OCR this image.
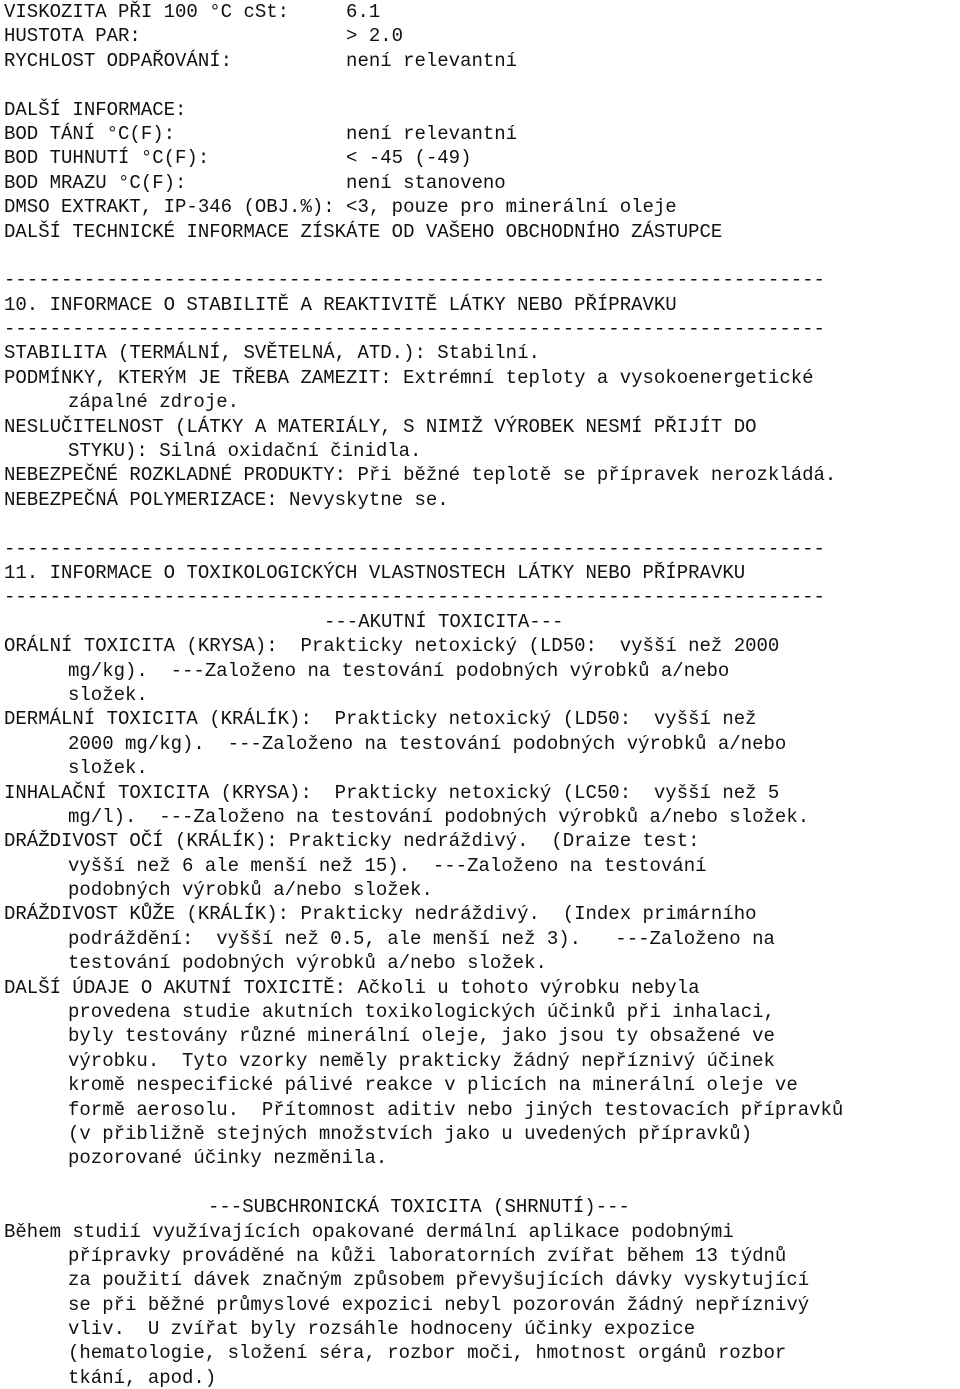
VISKOZITA PŘI 100 °C cSt:     6.1
HUSTOTA PAR:                  > 2.0
RYCHLOST ODPAŘOVÁNÍ:          není relevantní
DALŠÍ INFORMACE:
BOD TÁNÍ °C(F):               není relevantní
BOD TUHNUTÍ °C(F):            < -45 (-49)
BOD MRAZU °C(F):              není stanoveno
DMSO EXTRAKT, IP-346 (OBJ.%): <3, pouze pro minerální oleje
DALŠÍ TECHNICKÉ INFORMACE ZÍSKÁTE OD VAŠEHO OBCHODNÍHO ZÁSTUPCE
------------------------------------------------------------------------
10. INFORMACE O STABILITĚ A REAKTIVITĚ LÁTKY NEBO PŘÍPRAVKU
------------------------------------------------------------------------
STABILITA (TERMÁLNÍ, SVĚTELNÁ, ATD.): Stabilní.
PODMÍNKY, KTERÝM JE TŘEBA ZAMEZIT: Extrémní teploty a vysokoenergetické
zápalné zdroje.
NESLUČITELNOST (LÁTKY A MATERIÁLY, S NIMIŽ VÝROBEK NESMÍ PŘIJÍT DO
STYKU): Silná oxidační činidla.
NEBEZPEČNÉ ROZKLADNÉ PRODUKTY: Při běžné teplotě se přípravek nerozkládá.
NEBEZPEČNÁ POLYMERIZACE: Nevyskytne se.
------------------------------------------------------------------------
11. INFORMACE O TOXIKOLOGICKÝCH VLASTNOSTECH LÁTKY NEBO PŘÍPRAVKU
------------------------------------------------------------------------
---AKUTNÍ TOXICITA---
ORÁLNÍ TOXICITA (KRYSA):  Prakticky netoxický (LD50:  vyšší než 2000
mg/kg).  ---Založeno na testování podobných výrobků a/nebo
složek.
DERMÁLNÍ TOXICITA (KRÁLÍK):  Prakticky netoxický (LD50:  vyšší než
2000 mg/kg).  ---Založeno na testování podobných výrobků a/nebo
složek.
INHALAČNÍ TOXICITA (KRYSA):  Prakticky netoxický (LC50:  vyšší než 5
mg/l).  ---Založeno na testování podobných výrobků a/nebo složek.
DRÁŽDIVOST OČÍ (KRÁLÍK): Prakticky nedráždivý.  (Draize test:
vyšší než 6 ale menší než 15).  ---Založeno na testování
podobných výrobků a/nebo složek.
DRÁŽDIVOST KŮŽE (KRÁLÍK): Prakticky nedráždivý.  (Index primárního
podráždění:  vyšší než 0.5, ale menší než 3).   ---Založeno na
testování podobných výrobků a/nebo složek.
DALŠÍ ÚDAJE O AKUTNÍ TOXICITĚ: Ačkoli u tohoto výrobku nebyla
provedena studie akutních toxikologických účinků při inhalaci,
byly testovány různé minerální oleje, jako jsou ty obsažené ve
výrobku.  Tyto vzorky neměly prakticky žádný nepříznivý účinek
kromě nespecifické pálivé reakce v plicích na minerální oleje ve
formě aerosolu.  Přítomnost aditiv nebo jiných testovacích přípravků
(v přibližně stejných množstvích jako u uvedených přípravků)
pozorované účinky nezměnila.
---SUBCHRONICKÁ TOXICITA (SHRNUTÍ)---
Během studií využívajících opakované dermální aplikace podobnými
přípravky prováděné na kůži laboratorních zvířat během 13 týdnů
za použití dávek značným způsobem převyšujících dávky vyskytující
se při běžné průmyslové expozici nebyl pozorován žádný nepříznivý
vliv.  U zvířat byly rozsáhle hodnoceny účinky expozice
(hematologie, složení séra, rozbor moči, hmotnost orgánů rozbor
tkání, apod.)
